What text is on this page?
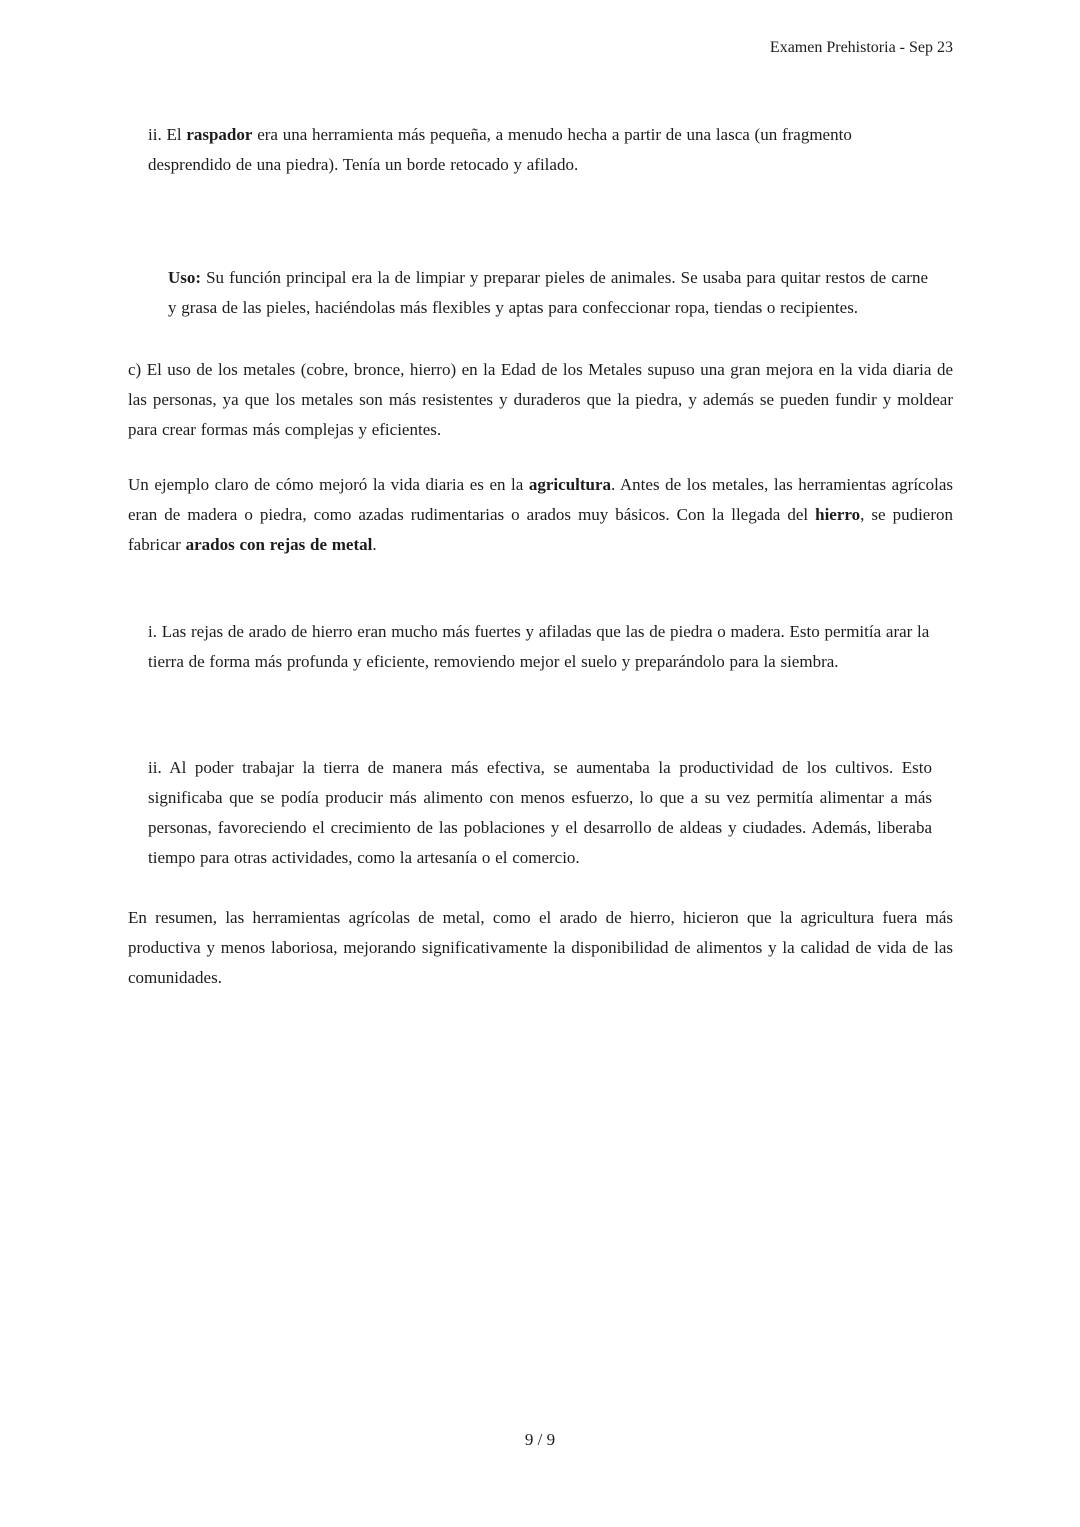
Examen Prehistoria - Sep 23
ii. El raspador era una herramienta más pequeña, a menudo hecha a partir de una lasca (un fragmento desprendido de una piedra). Tenía un borde retocado y afilado.
Uso: Su función principal era la de limpiar y preparar pieles de animales. Se usaba para quitar restos de carne y grasa de las pieles, haciéndolas más flexibles y aptas para confeccionar ropa, tiendas o recipientes.
c) El uso de los metales (cobre, bronce, hierro) en la Edad de los Metales supuso una gran mejora en la vida diaria de las personas, ya que los metales son más resistentes y duraderos que la piedra, y además se pueden fundir y moldear para crear formas más complejas y eficientes.
Un ejemplo claro de cómo mejoró la vida diaria es en la agricultura. Antes de los metales, las herramientas agrícolas eran de madera o piedra, como azadas rudimentarias o arados muy básicos. Con la llegada del hierro, se pudieron fabricar arados con rejas de metal.
i. Las rejas de arado de hierro eran mucho más fuertes y afiladas que las de piedra o madera. Esto permitía arar la tierra de forma más profunda y eficiente, removiendo mejor el suelo y preparándolo para la siembra.
ii. Al poder trabajar la tierra de manera más efectiva, se aumentaba la productividad de los cultivos. Esto significaba que se podía producir más alimento con menos esfuerzo, lo que a su vez permitía alimentar a más personas, favoreciendo el crecimiento de las poblaciones y el desarrollo de aldeas y ciudades. Además, liberaba tiempo para otras actividades, como la artesanía o el comercio.
En resumen, las herramientas agrícolas de metal, como el arado de hierro, hicieron que la agricultura fuera más productiva y menos laboriosa, mejorando significativamente la disponibilidad de alimentos y la calidad de vida de las comunidades.
9 / 9
